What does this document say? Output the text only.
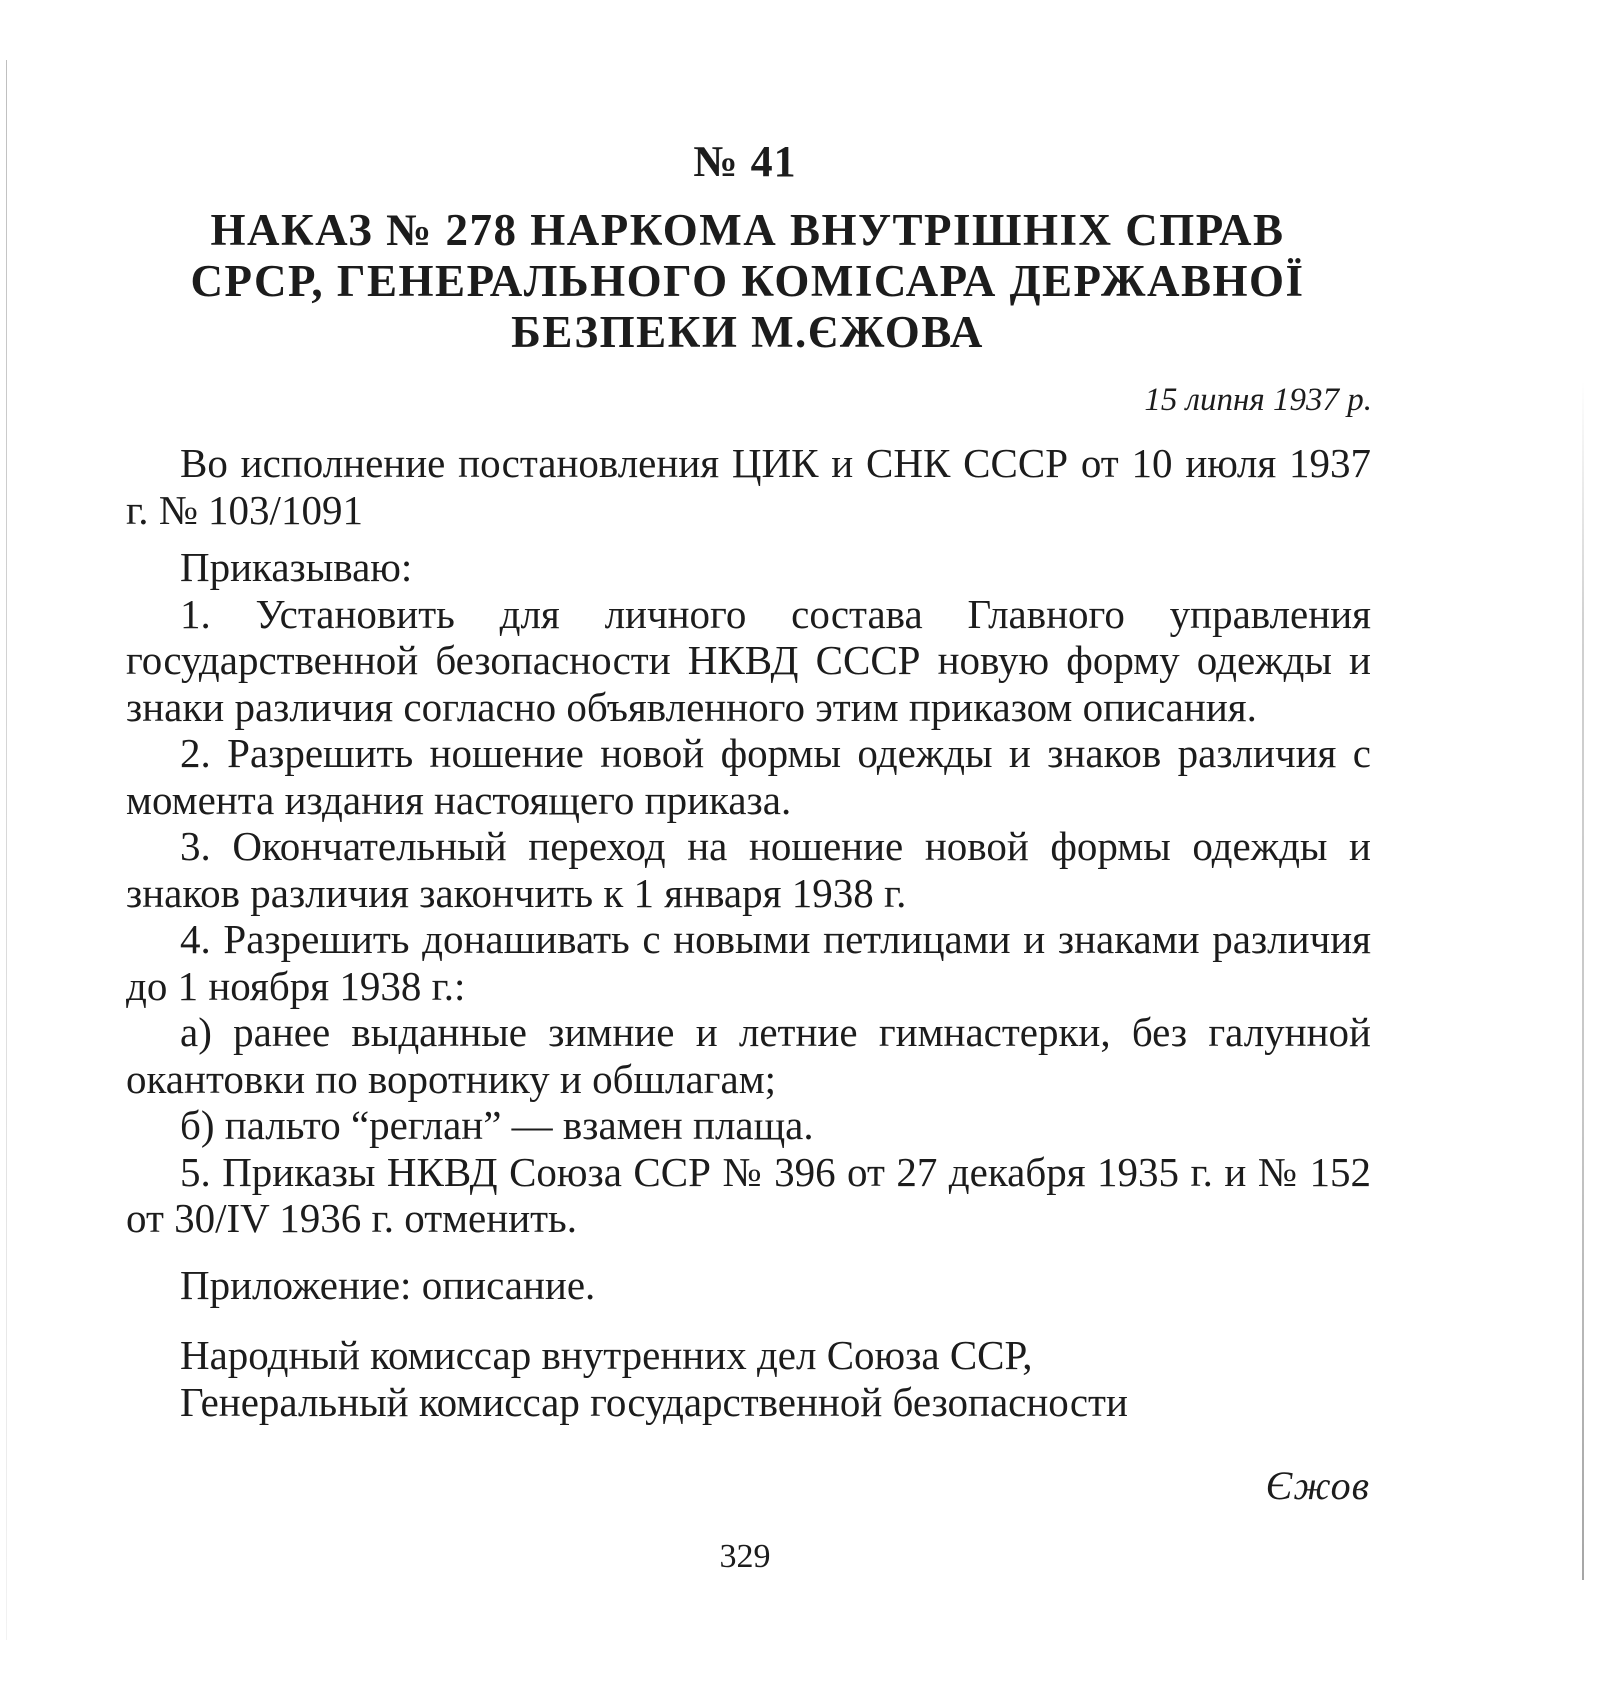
№ 41
НАКАЗ № 278 НАРКОМА ВНУТРІШНІХ СПРАВ
СРСР, ГЕНЕРАЛЬНОГО КОМІСАРА ДЕРЖАВНОЇ
БЕЗПЕКИ М.ЄЖОВА
15 липня 1937 р.

Во исполнение постановления ЦИК и СНК СССР от 10 июля 1937 г. № 103/1091

Приказываю:

1. Установить для личного состава Главного управления государственной безопасности НКВД СССР новую форму одежды и знаки различия согласно объявленного этим приказом описания.

2. Разрешить ношение новой формы одежды и знаков различия с момента издания настоящего приказа.

3. Окончательный переход на ношение новой формы одежды и знаков различия закончить к 1 января 1938 г.

4. Разрешить донашивать с новыми петлицами и знаками различия до 1 ноября 1938 г.:

а) ранее выданные зимние и летние гимнастерки, без галунной окантовки по воротнику и обшлагам;

б) пальто “реглан” — взамен плаща.

5. Приказы НКВД Союза ССР № 396 от 27 декабря 1935 г. и № 152 от 30/IV 1936 г. отменить.

Приложение: описание.

Народный комиссар внутренних дел Союза ССР,

Генеральный комиссар государственной безопасности

Єжов
329
